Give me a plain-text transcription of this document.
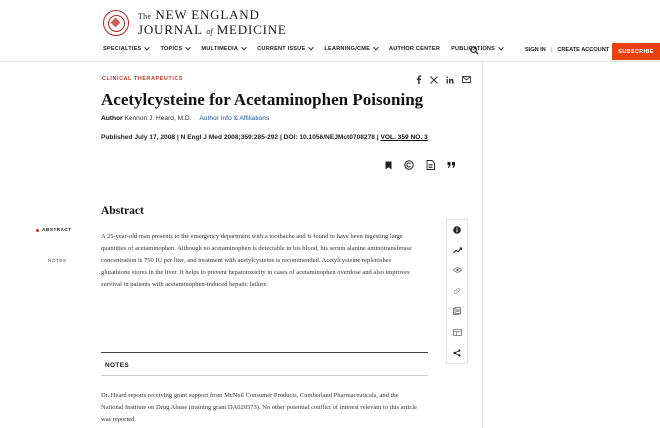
The NEW ENGLAND
JOURNAL of MEDICINE
SPECIALTIES	TOPICS	MULTIMEDIA	CURRENT ISSUE	LEARNING/CME	AUTHOR CENTER PUBLICATIONS	SIGN IN | CREATE ACCOUNT	SUBSCRIBE
CLINICAL THERAPEUTICS
Acetylcysteine for Acetaminophen Poisoning
Author Kennon J. Heard, M.D. Author Info & Affiliations
Published July 17, 2008 | N Engl J Med 2008;359:285-292 | DOI: 10.1056/NEJMct0708278 | VOL. 359 NO. 3
ABSTRACT
NOTES
Abstract
A 25-year-old man presents to the emergency department with a toothache and is found to have been ingesting large quantities of acetaminophen. Although no acetaminophen is detectable in his blood, his serum alanine aminotransferase concentration is 750 IU per liter, and treatment with acetylcysteine is recommended. Acetylcysteine replenishes glutathione stores in the liver. It helps to prevent hepatotoxicity in cases of acetaminophen overdose and also improves survival in patients with acetaminophen-induced hepatic failure.
NOTES
Dr. Heard reports receiving grant support from McNeil Consumer Products, Cumberland Pharmaceuticals, and the National Institute on Drug Abuse (training grant DA020573). No other potential conflict of interest relevant to this article was reported.
